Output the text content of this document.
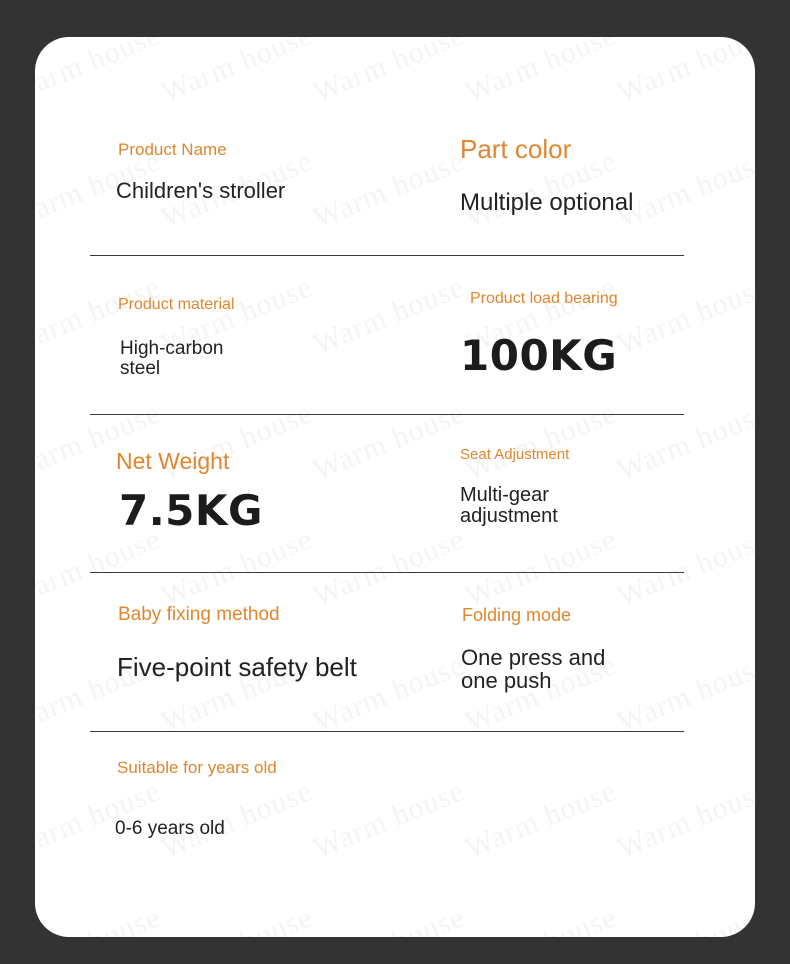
Product Name
Children's stroller
Part color
Multiple optional
Product material
High-carbon
steel
Product load bearing
100KG
Net Weight
7.5KG
Seat Adjustment
Multi-gear
adjustment
Baby fixing method
Five-point safety belt
Folding mode
One press and
one push
Suitable for years old
0-6 years old
